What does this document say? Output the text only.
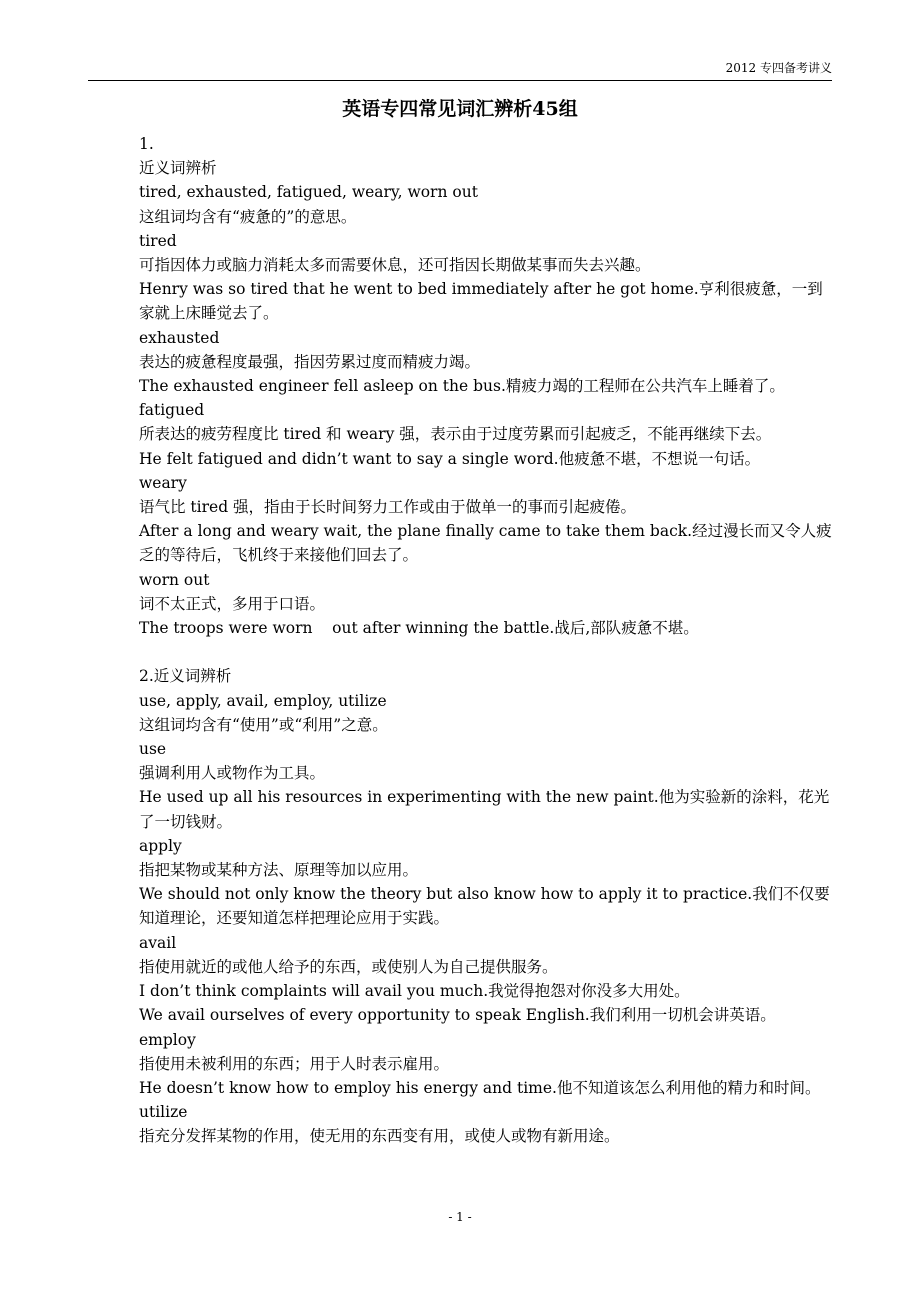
2012 专四备考讲义
英语专四常见词汇辨析45组

1.

近义词辨析

tired, exhausted, fatigued, weary, worn out

这组词均含有“疲惫的”的意思。

tired

可指因体力或脑力消耗太多而需要休息，还可指因长期做某事而失去兴趣。

Henry was so tired that he went to bed immediately after he got home.亨利很疲惫，一到家就上床睡觉去了。

exhausted

表达的疲惫程度最强，指因劳累过度而精疲力竭。

The exhausted engineer fell asleep on the bus.精疲力竭的工程师在公共汽车上睡着了。

fatigued

所表达的疲劳程度比 tired 和 weary 强，表示由于过度劳累而引起疲乏，不能再继续下去。

He felt fatigued and didn’t want to say a single word.他疲惫不堪，不想说一句话。

weary

语气比 tired 强，指由于长时间努力工作或由于做单一的事而引起疲倦。

After a long and weary wait, the plane finally came to take them back.经过漫长而又令人疲乏的等待后，飞机终于来接他们回去了。

worn out

词不太正式，多用于口语。

The troops were worn    out after winning the battle.战后,部队疲惫不堪。

2.近义词辨析

use, apply, avail, employ, utilize

这组词均含有“使用”或“利用”之意。

use

强调利用人或物作为工具。

He used up all his resources in experimenting with the new paint.他为实验新的涂料，花光了一切钱财。

apply

指把某物或某种方法、原理等加以应用。

We should not only know the theory but also know how to apply it to practice.我们不仅要知道理论，还要知道怎样把理论应用于实践。

avail

指使用就近的或他人给予的东西，或使别人为自己提供服务。

I don’t think complaints will avail you much.我觉得抱怨对你没多大用处。

We avail ourselves of every opportunity to speak English.我们利用一切机会讲英语。

employ

指使用未被利用的东西；用于人时表示雇用。

He doesn’t know how to employ his energy and time.他不知道该怎么利用他的精力和时间。

utilize

指充分发挥某物的作用，使无用的东西变有用，或使人或物有新用途。

- 1 -
